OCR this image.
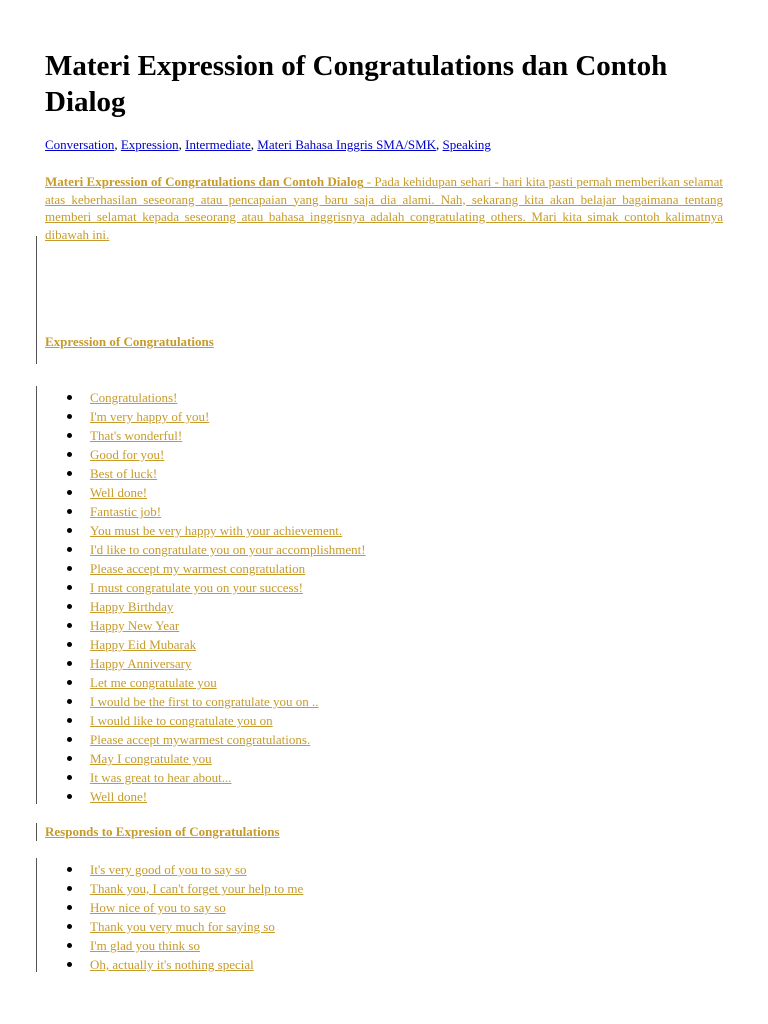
Materi Expression of Congratulations dan Contoh Dialog
Conversation, Expression, Intermediate, Materi Bahasa Inggris SMA/SMK, Speaking
Materi Expression of Congratulations dan Contoh Dialog - Pada kehidupan sehari - hari kita pasti pernah memberikan selamat atas keberhasilan seseorang atau pencapaian yang baru saja dia alami. Nah, sekarang kita akan belajar bagaimana tentang memberi selamat kepada seseorang atau bahasa inggrisnya adalah congratulating others. Mari kita simak contoh kalimatnya dibawah ini.
Expression of Congratulations
Congratulations!
I'm very happy of you!
That's wonderful!
Good for you!
Best of luck!
Well done!
Fantastic job!
You must be very happy with your achievement.
I'd like to congratulate you on your accomplishment!
Please accept my warmest congratulation
I must congratulate you on your success!
Happy Birthday
Happy New Year
Happy Eid Mubarak
Happy Anniversary
Let me congratulate you
I would be the first to congratulate you on ..
I would like to congratulate you on
Please accept mywarmest congratulations.
May I congratulate you
It was great to hear about...
Well done!
Responds to Expresion of Congratulations
It's very good of you to say so
Thank you, I can't forget your help to me
How nice of you to say so
Thank you very much for saying so
I'm glad you think so
Oh, actually it's nothing special
